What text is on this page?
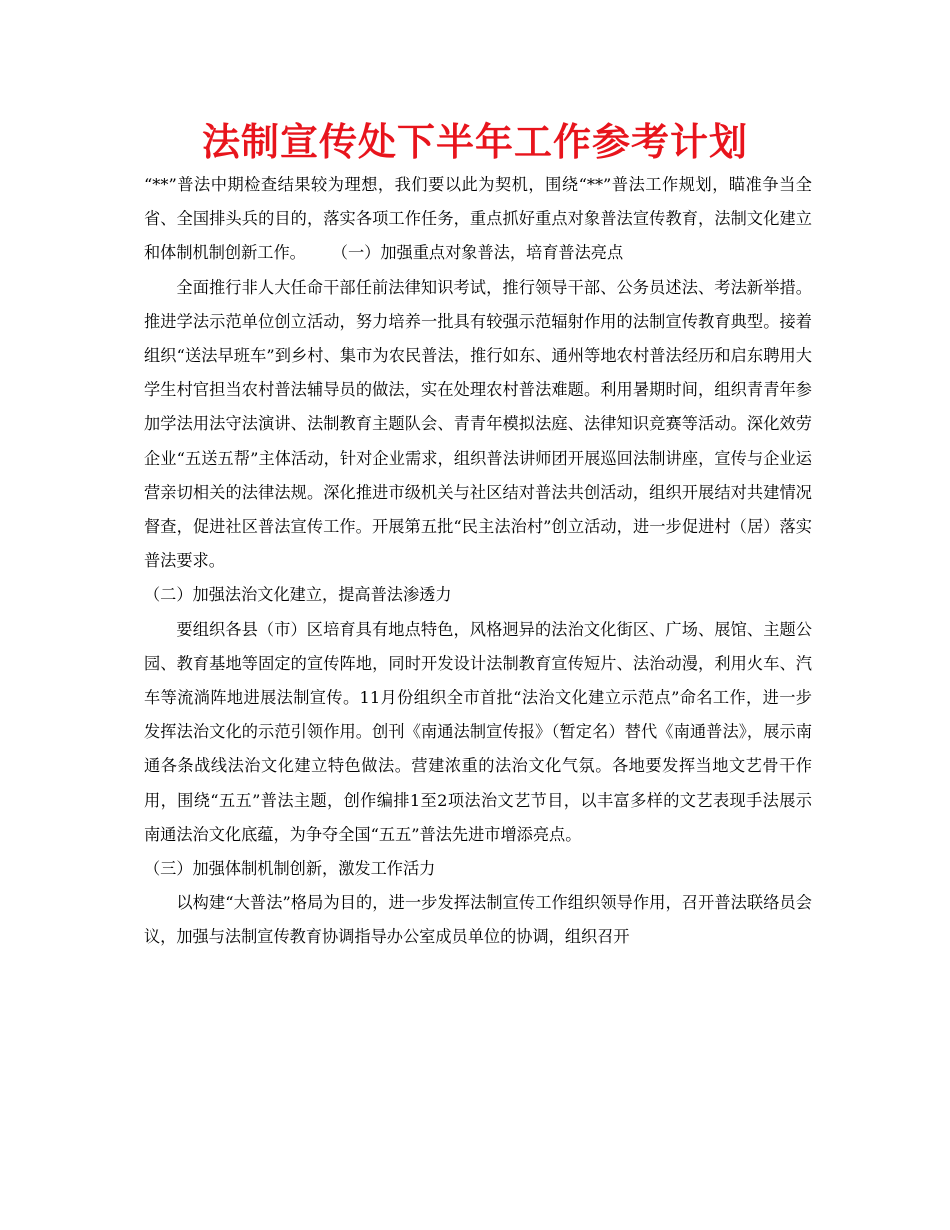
法制宣传处下半年工作参考计划

“**”普法中期检查结果较为理想，我们要以此为契机，围绕“**”普法工作规划，瞄准争当全省、全国排头兵的目的，落实各项工作任务，重点抓好重点对象普法宣传教育，法制文化建立和体制机制创新工作。 （一）加强重点对象普法，培育普法亮点

全面推行非人大任命干部任前法律知识考试，推行领导干部、公务员述法、考法新举措。推进学法示范单位创立活动，努力培养一批具有较强示范辐射作用的法制宣传教育典型。接着组织“送法早班车”到乡村、集市为农民普法，推行如东、通州等地农村普法经历和启东聘用大学生村官担当农村普法辅导员的做法，实在处理农村普法难题。利用暑期时间，组织青青年参加学法用法守法演讲、法制教育主题队会、青青年模拟法庭、法律知识竞赛等活动。深化效劳企业“五送五帮”主体活动，针对企业需求，组织普法讲师团开展巡回法制讲座，宣传与企业运营亲切相关的法律法规。深化推进市级机关与社区结对普法共创活动，组织开展结对共建情况督查，促进社区普法宣传工作。开展第五批“民主法治村”创立活动，进一步促进村（居）落实普法要求。

（二）加强法治文化建立，提高普法渗透力

要组织各县（市）区培育具有地点特色，风格迥异的法治文化街区、广场、展馆、主题公园、教育基地等固定的宣传阵地，同时开发设计法制教育宣传短片、法治动漫，利用火车、汽车等流淌阵地进展法制宣传。11月份组织全市首批“法治文化建立示范点”命名工作，进一步发挥法治文化的示范引领作用。创刊《南通法制宣传报》（暂定名）替代《南通普法》，展示南通各条战线法治文化建立特色做法。营建浓重的法治文化气氛。各地要发挥当地文艺骨干作用，围绕“五五”普法主题，创作编排1至2项法治文艺节目，以丰富多样的文艺表现手法展示南通法治文化底蕴，为争夺全国“五五”普法先进市增添亮点。

（三）加强体制机制创新，激发工作活力

以构建“大普法”格局为目的，进一步发挥法制宣传工作组织领导作用，召开普法联络员会议，加强与法制宣传教育协调指导办公室成员单位的协调，组织召开
